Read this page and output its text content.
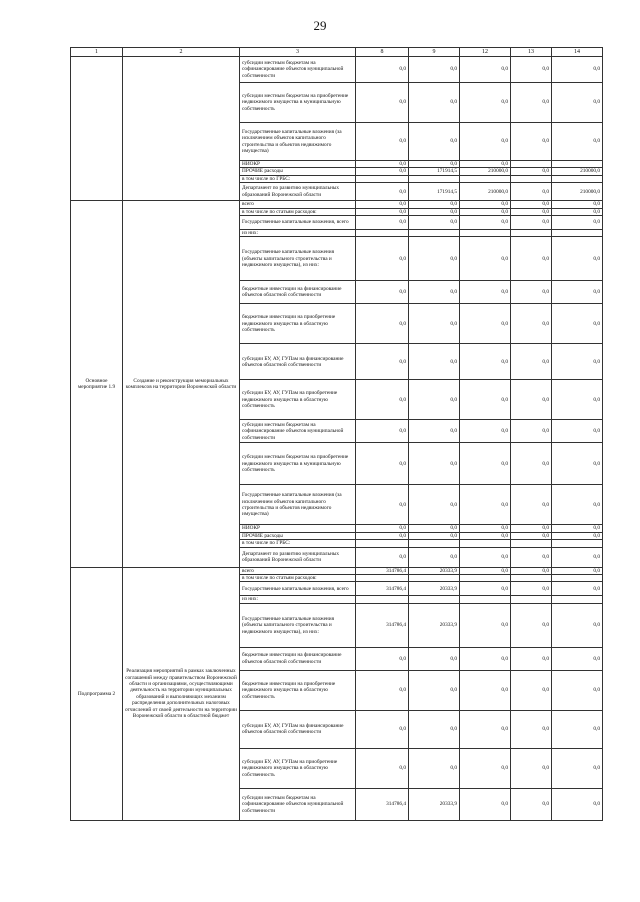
29
1	2	3	8	9	12	13	14
		субсидии местным бюджетам на софинансирование объектов муниципальной собственности	0,0	0,0	0,0	0,0	0,0
		субсидии местным бюджетам на приобретение недвижимого имущества в муниципальную собственность	0,0	0,0	0,0	0,0	0,0
		Государственные капитальные вложения (за исключением объектов капитального строительства и объектов недвижимого имущества)	0,0	0,0	0,0	0,0	0,0
		НИОКР	0,0	0,0	0,0		
		ПРОЧИЕ расходы	0,0	171914,5	210000,0	0,0	210000,0
		в том числе по ГРБС:					
		Департамент по развитию муниципальных образований Воронежской области	0,0	171914,5	210000,0	0,0	210000,0
Основное мероприятие 1.9	Создание и реконструкция мемориальных комплексов на территории Воронежской области	всего	0,0	0,0	0,0	0,0	0,0
		в том числе по статьям расходов:	0,0	0,0	0,0	0,0	0,0
		Государственные капитальные вложения, всего	0,0	0,0	0,0	0,0	0,0
		из них:					
		Государственные капитальные вложения (объекты капитального строительства и недвижимого имущества), из них:	0,0	0,0	0,0	0,0	0,0
		бюджетные инвестиции на финансирование объектов областной собственности	0,0	0,0	0,0	0,0	0,0
		бюджетные инвестиции на приобретение недвижимого имущества в областную собственность	0,0	0,0	0,0	0,0	0,0
		субсидии БУ, АУ, ГУПам на финансирование объектов областной собственности	0,0	0,0	0,0	0,0	0,0
		субсидии БУ, АУ, ГУПам на приобретение недвижимого имущества в областную собственность	0,0	0,0	0,0	0,0	0,0
		субсидии местным бюджетам на софинансирование объектов муниципальной собственности	0,0	0,0	0,0	0,0	0,0
		субсидии местным бюджетам на приобретение недвижимого имущества в муниципальную собственность	0,0	0,0	0,0	0,0	0,0
		Государственные капитальные вложения (за исключением объектов капитального строительства и объектов недвижимого имущества)	0,0	0,0	0,0	0,0	0,0
		НИОКР	0,0	0,0	0,0	0,0	0,0
		ПРОЧИЕ расходы	0,0	0,0	0,0	0,0	0,0
		в том числе по ГРБС:					
		Департамент по развитию муниципальных образований Воронежской области	0,0	0,0	0,0	0,0	0,0
Подпрограмма 2	Реализация мероприятий в рамках заключенных соглашений между правительством Воронежской области и организациями, осуществляющими деятельность на территории муниципальных образований и выполняющих механизм распределения дополнительных налоговых отчислений от своей деятельности на территории Воронежской области в областной бюджет	всего	314786,4	20333,9	0,0	0,0	0,0
		в том числе по статьям расходов:					
		Государственные капитальные вложения, всего	314786,4	20333,9	0,0	0,0	0,0
		из них:					
		Государственные капитальные вложения (объекты капитального строительства и недвижимого имущества), из них:	314786,4	20333,9	0,0	0,0	0,0
		бюджетные инвестиции на финансирование объектов областной собственности	0,0	0,0	0,0	0,0	0,0
		бюджетные инвестиции на приобретение недвижимого имущества в областную собственность	0,0	0,0	0,0	0,0	0,0
		субсидии БУ, АУ, ГУПам на финансирование объектов областной собственности	0,0	0,0	0,0	0,0	0,0
		субсидии БУ, АУ, ГУПам на приобретение недвижимого имущества в областную собственность	0,0	0,0	0,0	0,0	0,0
		субсидии местным бюджетам на софинансирование объектов муниципальной собственности	314786,4	20333,9	0,0	0,0	0,0
